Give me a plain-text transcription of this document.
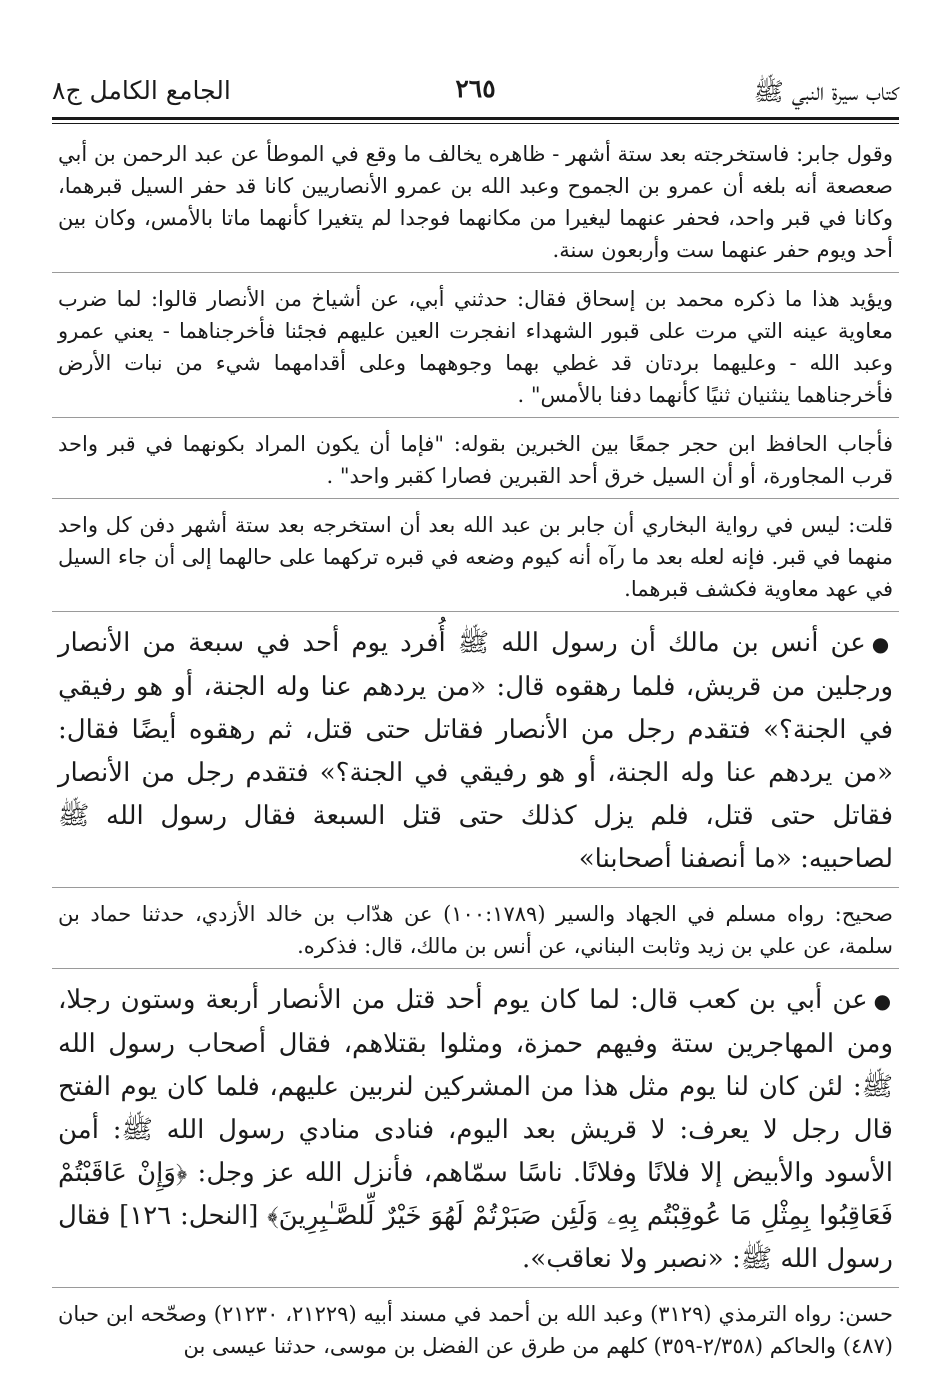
كتاب سيرة النبي ﷺ
٢٦٥
الجامع الكامل ج٨

وقول جابر: فاستخرجته بعد ستة أشهر - ظاهره يخالف ما وقع في الموطأ عن عبد الرحمن بن أبي صعصعة أنه بلغه أن عمرو بن الجموح وعبد الله بن عمرو الأنصاريين كانا قد حفر السيل قبرهما، وكانا في قبر واحد، فحفر عنهما ليغيرا من مكانهما فوجدا لم يتغيرا كأنهما ماتا بالأمس، وكان بين أحد ويوم حفر عنهما ست وأربعون سنة.

ويؤيد هذا ما ذكره محمد بن إسحاق فقال: حدثني أبي، عن أشياخ من الأنصار قالوا: لما ضرب معاوية عينه التي مرت على قبور الشهداء انفجرت العين عليهم فجئنا فأخرجناهما - يعني عمرو وعبد الله - وعليهما بردتان قد غطي بهما وجوههما وعلى أقدامهما شيء من نبات الأرض فأخرجناهما ينثنيان ثنيًا كأنهما دفنا بالأمس" .

فأجاب الحافظ ابن حجر جمعًا بين الخبرين بقوله: "فإما أن يكون المراد بكونهما في قبر واحد قرب المجاورة، أو أن السيل خرق أحد القبرين فصارا كقبر واحد" .

قلت: ليس في رواية البخاري أن جابر بن عبد الله بعد أن استخرجه بعد ستة أشهر دفن كل واحد منهما في قبر. فإنه لعله بعد ما رآه أنه كيوم وضعه في قبره تركهما على حالهما إلى أن جاء السيل في عهد معاوية فكشف قبرهما.

●عن أنس بن مالك أن رسول الله ﷺ أُفرد يوم أحد في سبعة من الأنصار ورجلين من قريش، فلما رهقوه قال: «من يردهم عنا وله الجنة، أو هو رفيقي في الجنة؟» فتقدم رجل من الأنصار فقاتل حتى قتل، ثم رهقوه أيضًا فقال: «من يردهم عنا وله الجنة، أو هو رفيقي في الجنة؟» فتقدم رجل من الأنصار فقاتل حتى قتل، فلم يزل كذلك حتى قتل السبعة فقال رسول الله ﷺ لصاحبيه: «ما أنصفنا أصحابنا»

صحيح: رواه مسلم في الجهاد والسير (١٠٠:١٧٨٩) عن هدّاب بن خالد الأزدي، حدثنا حماد بن سلمة، عن علي بن زيد وثابت البناني، عن أنس بن مالك، قال: فذكره.

●عن أبي بن كعب قال: لما كان يوم أحد قتل من الأنصار أربعة وستون رجلا، ومن المهاجرين ستة وفيهم حمزة، ومثلوا بقتلاهم، فقال أصحاب رسول الله ﷺ: لئن كان لنا يوم مثل هذا من المشركين لنربين عليهم، فلما كان يوم الفتح قال رجل لا يعرف: لا قريش بعد اليوم، فنادى منادي رسول الله ﷺ: أمن الأسود والأبيض إلا فلانًا وفلانًا. ناسًا سمّاهم، فأنزل الله عز وجل: ﴿وَإِنْ عَاقَبْتُمْ فَعَاقِبُوا بِمِثْلِ مَا عُوقِبْتُم بِهِۦ وَلَئِن صَبَرْتُمْ لَهُوَ خَيْرٌ لِّلصَّـٰبِرِينَ﴾ [النحل: ١٢٦] فقال رسول الله ﷺ: «نصبر ولا نعاقب».

حسن: رواه الترمذي (٣١٢٩) وعبد الله بن أحمد في مسند أبيه (٢١٢٢٩، ٢١٢٣٠) وصحّحه ابن حبان (٤٨٧) والحاكم (٢/٣٥٨-٣٥٩) كلهم من طرق عن الفضل بن موسى، حدثنا عيسى بن
